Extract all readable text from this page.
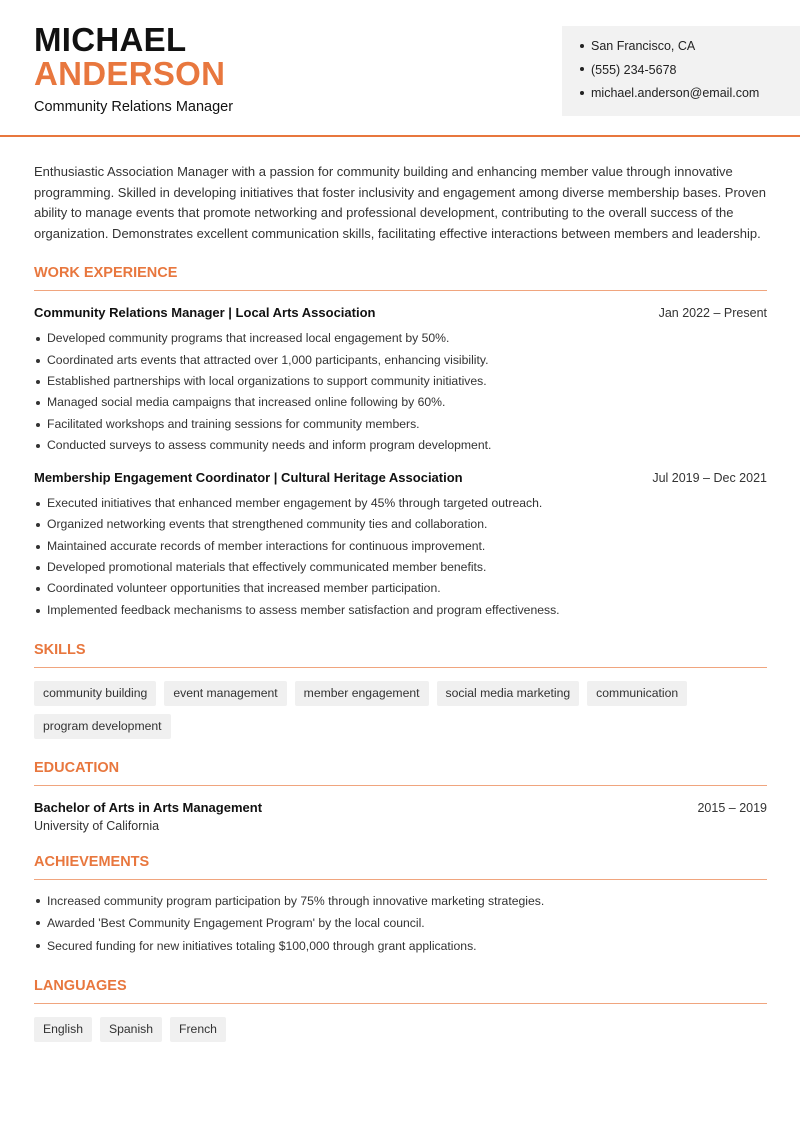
MICHAEL
ANDERSON
Community Relations Manager
San Francisco, CA
(555) 234-5678
michael.anderson@email.com

Enthusiastic Association Manager with a passion for community building and enhancing member value through innovative programming. Skilled in developing initiatives that foster inclusivity and engagement among diverse membership bases. Proven ability to manage events that promote networking and professional development, contributing to the overall success of the organization. Demonstrates excellent communication skills, facilitating effective interactions between members and leadership.

WORK EXPERIENCE
Community Relations Manager | Local Arts Association	Jan 2022 – Present
Developed community programs that increased local engagement by 50%.
Coordinated arts events that attracted over 1,000 participants, enhancing visibility.
Established partnerships with local organizations to support community initiatives.
Managed social media campaigns that increased online following by 60%.
Facilitated workshops and training sessions for community members.
Conducted surveys to assess community needs and inform program development.
Membership Engagement Coordinator | Cultural Heritage Association	Jul 2019 – Dec 2021
Executed initiatives that enhanced member engagement by 45% through targeted outreach.
Organized networking events that strengthened community ties and collaboration.
Maintained accurate records of member interactions for continuous improvement.
Developed promotional materials that effectively communicated member benefits.
Coordinated volunteer opportunities that increased member participation.
Implemented feedback mechanisms to assess member satisfaction and program effectiveness.
SKILLS
community building	event management	member engagement	social media marketing	communication
program development
EDUCATION
Bachelor of Arts in Arts Management	2015 – 2019
University of California
ACHIEVEMENTS
Increased community program participation by 75% through innovative marketing strategies.
Awarded 'Best Community Engagement Program' by the local council.
Secured funding for new initiatives totaling $100,000 through grant applications.
LANGUAGES
English	Spanish	French
